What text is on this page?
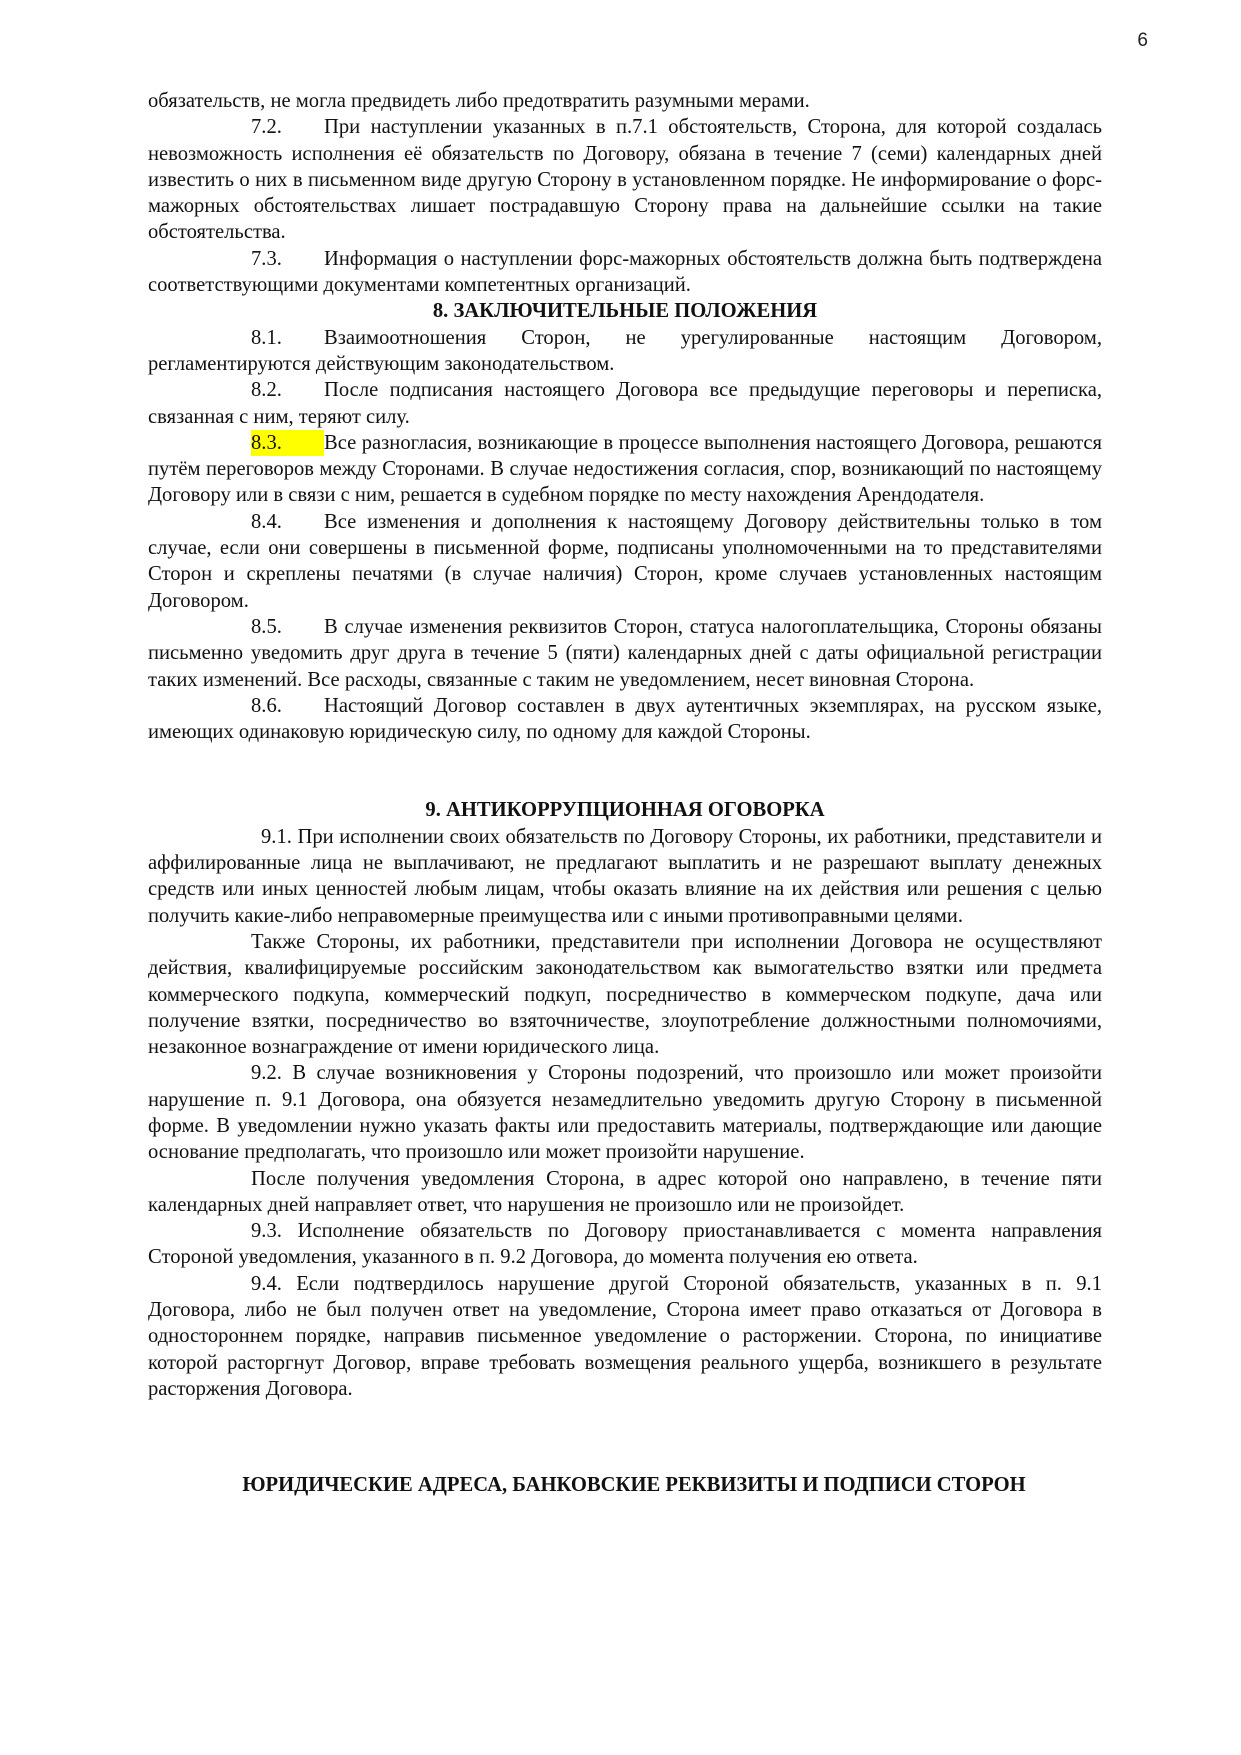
6

обязательств, не могла предвидеть либо предотвратить разумными мерами.

7.2. При наступлении указанных в п.7.1 обстоятельств, Сторона, для которой создалась невозможность исполнения её обязательств по Договору, обязана в течение 7 (семи) календарных дней известить о них в письменном виде другую Сторону в установленном порядке. Не информирование о форс-мажорных обстоятельствах лишает пострадавшую Сторону права на дальнейшие ссылки на такие обстоятельства.

7.3. Информация о наступлении форс-мажорных обстоятельств должна быть подтверждена соответствующими документами компетентных организаций.

8. ЗАКЛЮЧИТЕЛЬНЫЕ ПОЛОЖЕНИЯ

8.1. Взаимоотношения Сторон, не урегулированные настоящим Договором, регламентируются действующим законодательством.

8.2. После подписания настоящего Договора все предыдущие переговоры и переписка, связанная с ним, теряют силу.

8.3. Все разногласия, возникающие в процессе выполнения настоящего Договора, решаются путём переговоров между Сторонами. В случае недостижения согласия, спор, возникающий по настоящему Договору или в связи с ним, решается в судебном порядке по месту нахождения Арендодателя.

8.4. Все изменения и дополнения к настоящему Договору действительны только в том случае, если они совершены в письменной форме, подписаны уполномоченными на то представителями Сторон и скреплены печатями (в случае наличия) Сторон, кроме случаев установленных настоящим Договором.

8.5. В случае изменения реквизитов Сторон, статуса налогоплательщика, Стороны обязаны письменно уведомить друг друга в течение 5 (пяти) календарных дней с даты официальной регистрации таких изменений. Все расходы, связанные с таким не уведомлением, несет виновная Сторона.

8.6. Настоящий Договор составлен в двух аутентичных экземплярах, на русском языке, имеющих одинаковую юридическую силу, по одному для каждой Стороны.

9. АНТИКОРРУПЦИОННАЯ ОГОВОРКА

9.1. При исполнении своих обязательств по Договору Стороны, их работники, представители и аффилированные лица не выплачивают, не предлагают выплатить и не разрешают выплату денежных средств или иных ценностей любым лицам, чтобы оказать влияние на их действия или решения с целью получить какие-либо неправомерные преимущества или с иными противоправными целями.

Также Стороны, их работники, представители при исполнении Договора не осуществляют действия, квалифицируемые российским законодательством как вымогательство взятки или предмета коммерческого подкупа, коммерческий подкуп, посредничество в коммерческом подкупе, дача или получение взятки, посредничество во взяточничестве, злоупотребление должностными полномочиями, незаконное вознаграждение от имени юридического лица.

9.2. В случае возникновения у Стороны подозрений, что произошло или может произойти нарушение п. 9.1 Договора, она обязуется незамедлительно уведомить другую Сторону в письменной форме. В уведомлении нужно указать факты или предоставить материалы, подтверждающие или дающие основание предполагать, что произошло или может произойти нарушение.

После получения уведомления Сторона, в адрес которой оно направлено, в течение пяти календарных дней направляет ответ, что нарушения не произошло или не произойдет.

9.3. Исполнение обязательств по Договору приостанавливается с момента направления Стороной уведомления, указанного в п. 9.2 Договора, до момента получения ею ответа.

9.4. Если подтвердилось нарушение другой Стороной обязательств, указанных в п. 9.1 Договора, либо не был получен ответ на уведомление, Сторона имеет право отказаться от Договора в одностороннем порядке, направив письменное уведомление о расторжении. Сторона, по инициативе которой расторгнут Договор, вправе требовать возмещения реального ущерба, возникшего в результате расторжения Договора.

ЮРИДИЧЕСКИЕ АДРЕСА, БАНКОВСКИЕ РЕКВИЗИТЫ И ПОДПИСИ СТОРОН
